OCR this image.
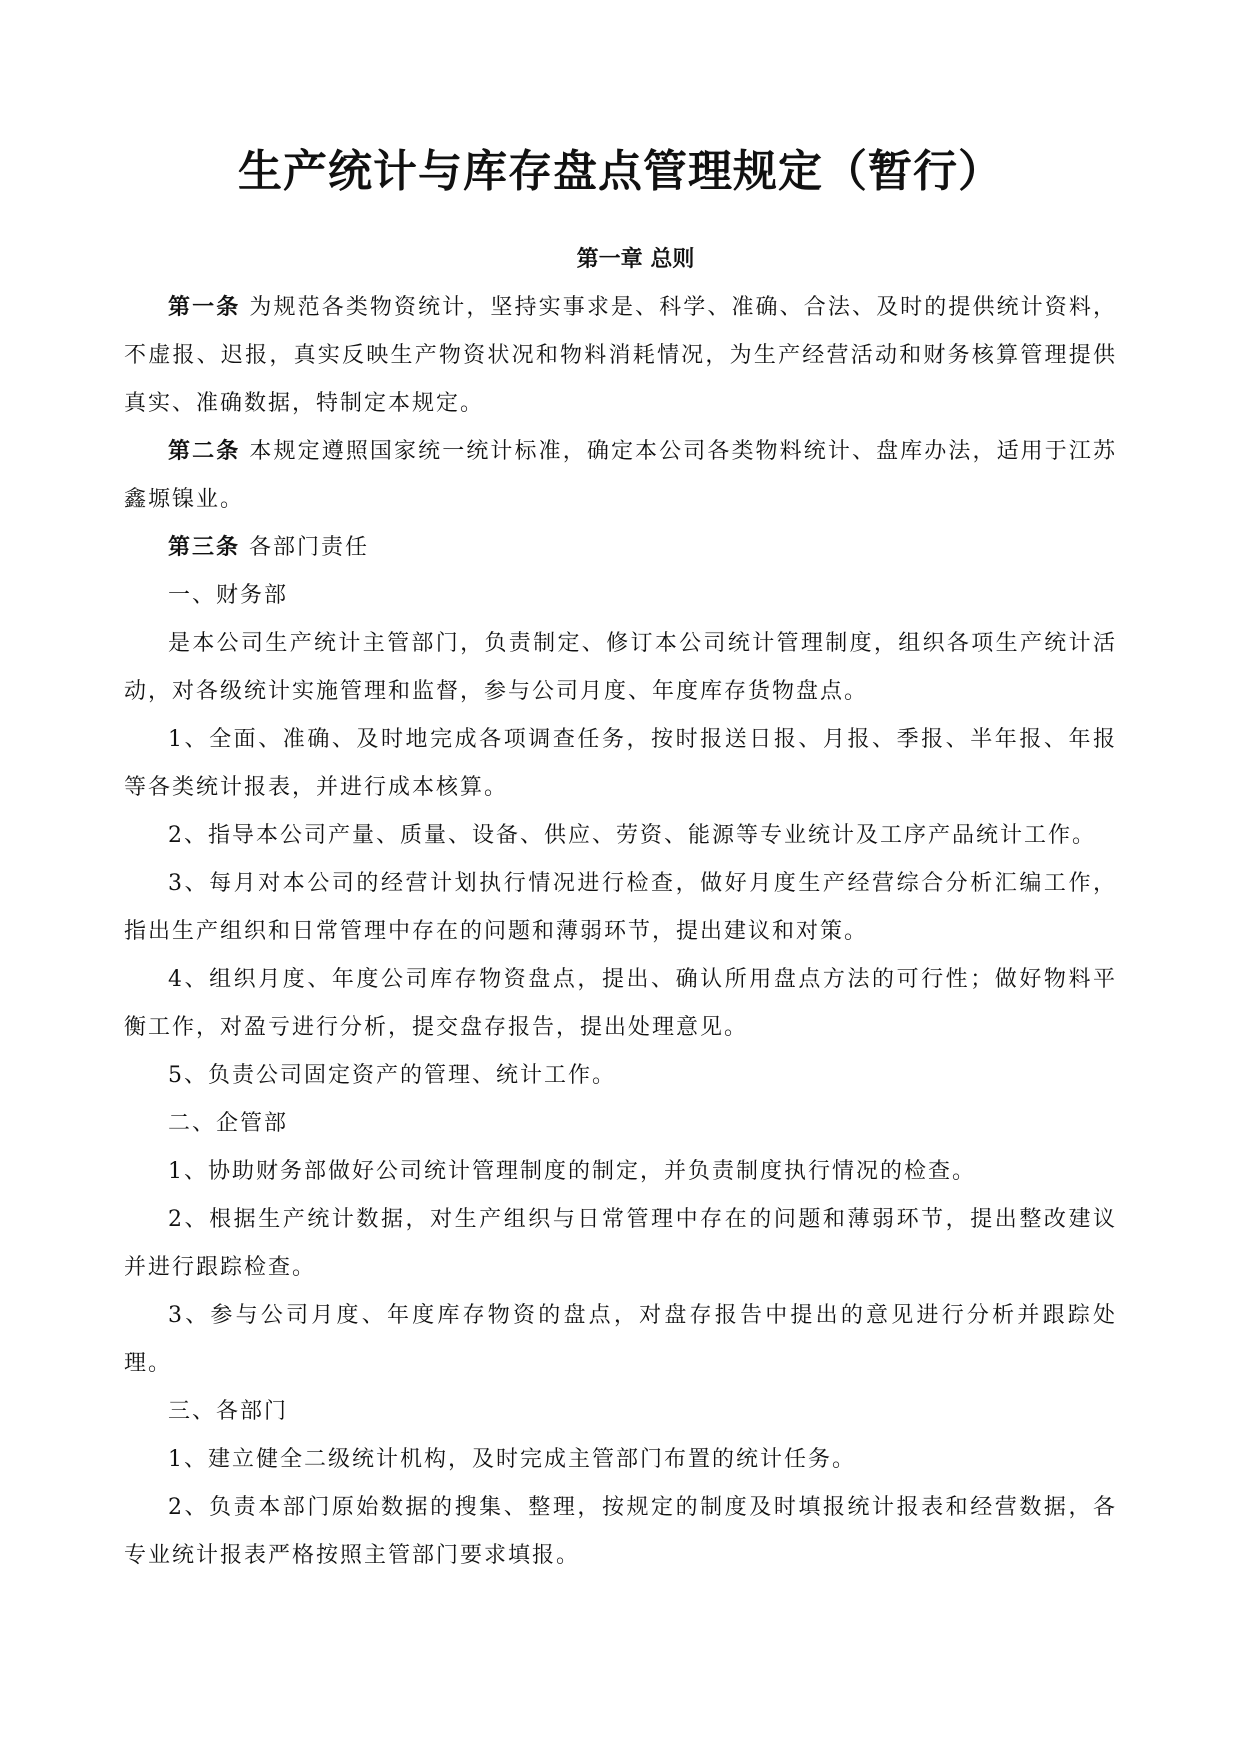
生产统计与库存盘点管理规定（暂行）

第一章 总则

第一条 为规范各类物资统计，坚持实事求是、科学、准确、合法、及时的提供统计资料，不虚报、迟报，真实反映生产物资状况和物料消耗情况，为生产经营活动和财务核算管理提供真实、准确数据，特制定本规定。

第二条 本规定遵照国家统一统计标准，确定本公司各类物料统计、盘库办法，适用于江苏鑫塬镍业。

第三条 各部门责任

一、财务部

是本公司生产统计主管部门，负责制定、修订本公司统计管理制度，组织各项生产统计活动，对各级统计实施管理和监督，参与公司月度、年度库存货物盘点。

1、全面、准确、及时地完成各项调查任务，按时报送日报、月报、季报、半年报、年报等各类统计报表，并进行成本核算。

2、指导本公司产量、质量、设备、供应、劳资、能源等专业统计及工序产品统计工作。

3、每月对本公司的经营计划执行情况进行检查，做好月度生产经营综合分析汇编工作，指出生产组织和日常管理中存在的问题和薄弱环节，提出建议和对策。

4、组织月度、年度公司库存物资盘点，提出、确认所用盘点方法的可行性；做好物料平衡工作，对盈亏进行分析，提交盘存报告，提出处理意见。

5、负责公司固定资产的管理、统计工作。

二、企管部

1、协助财务部做好公司统计管理制度的制定，并负责制度执行情况的检查。

2、根据生产统计数据，对生产组织与日常管理中存在的问题和薄弱环节，提出整改建议并进行跟踪检查。

3、参与公司月度、年度库存物资的盘点，对盘存报告中提出的意见进行分析并跟踪处理。

三、各部门

1、建立健全二级统计机构，及时完成主管部门布置的统计任务。

2、负责本部门原始数据的搜集、整理，按规定的制度及时填报统计报表和经营数据，各专业统计报表严格按照主管部门要求填报。
